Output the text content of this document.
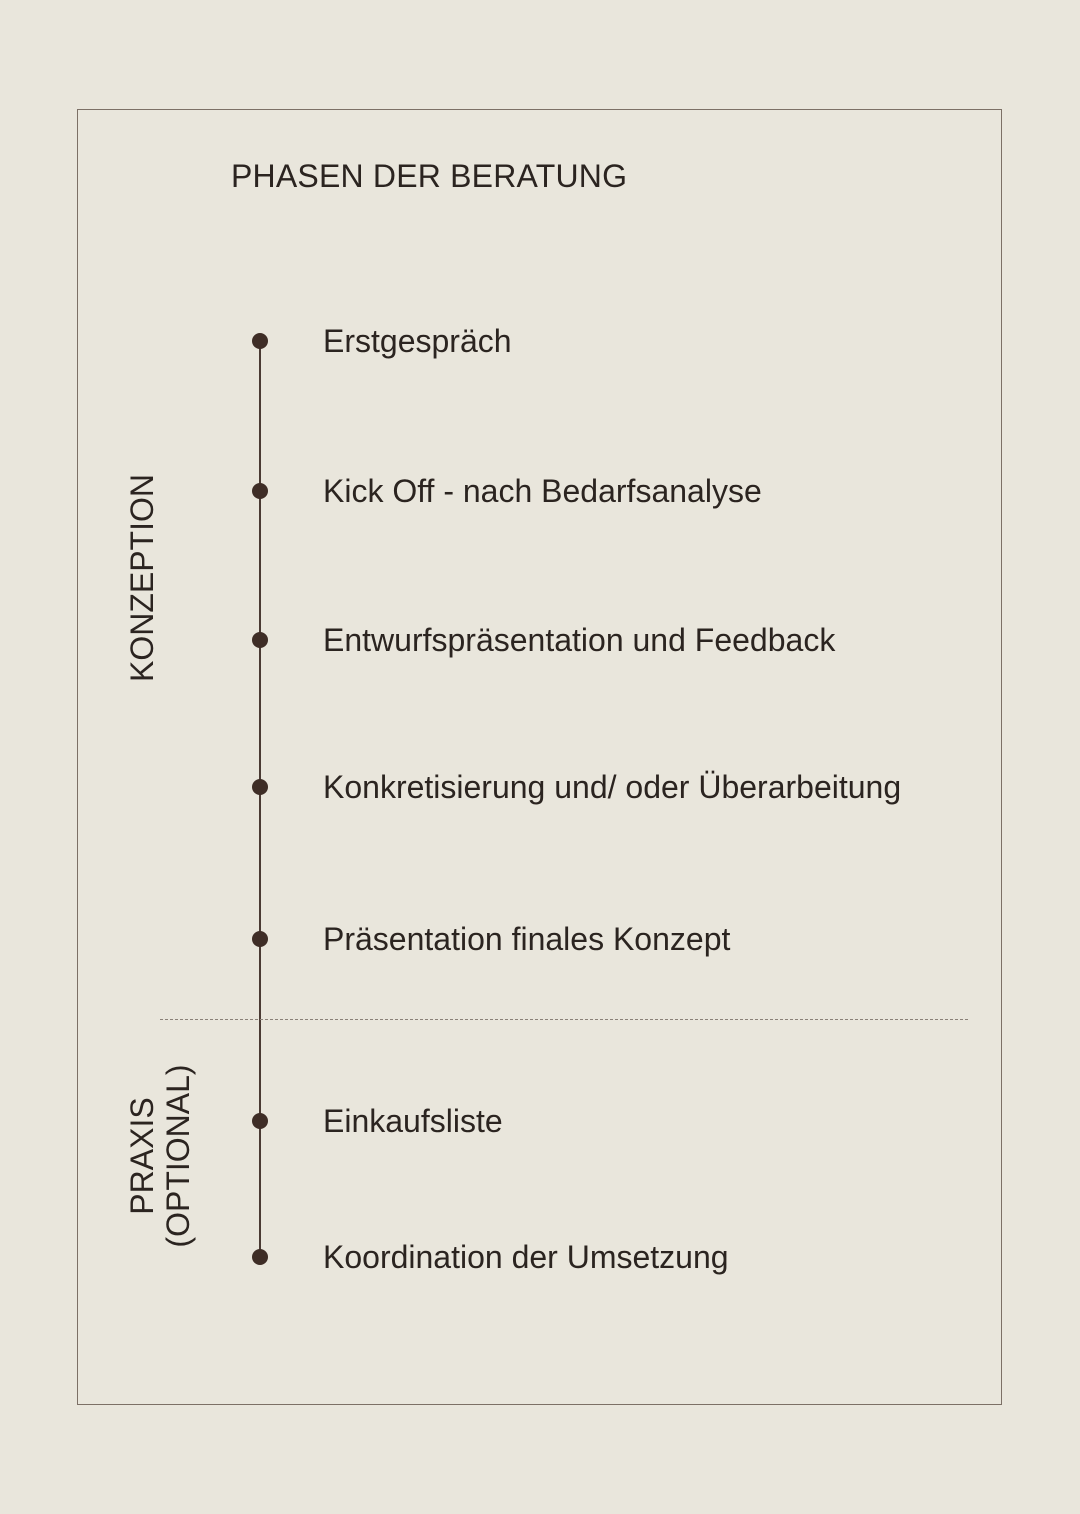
PHASEN DER BERATUNG
KONZEPTION
PRAXIS (OPTIONAL)
Erstgespräch
Kick Off - nach Bedarfsanalyse
Entwurfspräsentation und Feedback
Konkretisierung und/ oder Überarbeitung
Präsentation finales Konzept
Einkaufsliste
Koordination der Umsetzung
